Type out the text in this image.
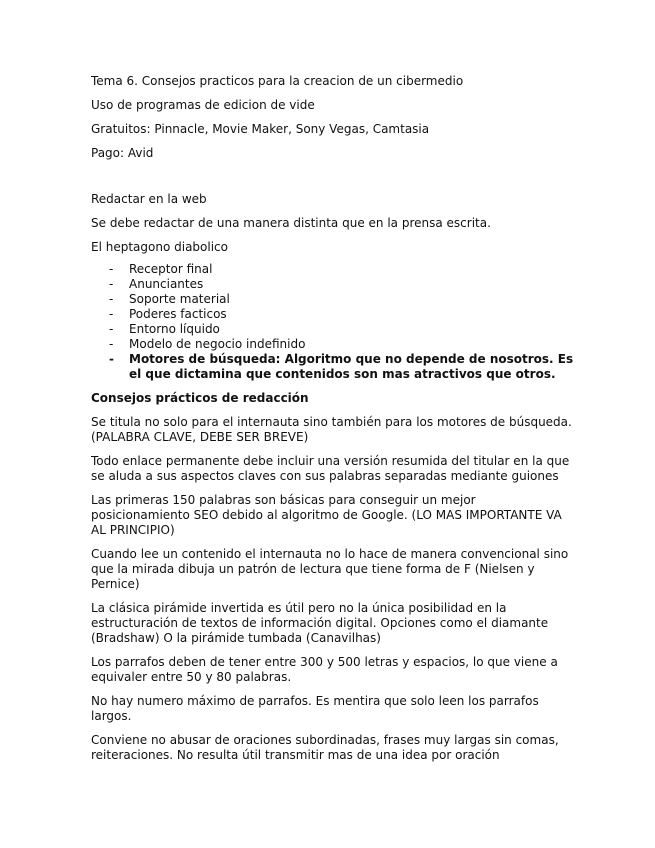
Tema 6. Consejos practicos para la creacion de un cibermedio

Uso de programas de edicion de vide

Gratuitos: Pinnacle, Movie Maker, Sony Vegas, Camtasia

Pago: Avid

Redactar en la web

Se debe redactar de una manera distinta que en la prensa escrita.

El heptagono diabolico

- Receptor final
- Anunciantes
- Soporte material
- Poderes facticos
- Entorno líquido
- Modelo de negocio indefinido
- Motores de búsqueda: Algoritmo que no depende de nosotros. Es el que dictamina que contenidos son mas atractivos que otros.

Consejos prácticos de redacción

Se titula no solo para el internauta sino también para los motores de búsqueda. (PALABRA CLAVE, DEBE SER BREVE)

Todo enlace permanente debe incluir una versión resumida del titular en la que se aluda a sus aspectos claves con sus palabras separadas mediante guiones

Las primeras 150 palabras son básicas para conseguir un mejor posicionamiento SEO debido al algoritmo de Google. (LO MAS IMPORTANTE VA AL PRINCIPIO)

Cuando lee un contenido el internauta no lo hace de manera convencional sino que la mirada dibuja un patrón de lectura que tiene forma de F (Nielsen y Pernice)

La clásica pirámide invertida es útil pero no la única posibilidad en la estructuración de textos de información digital. Opciones como el diamante (Bradshaw) O la pirámide tumbada (Canavilhas)

Los parrafos deben de tener entre 300 y 500 letras y espacios, lo que viene a equivaler entre 50 y 80 palabras.

No hay numero máximo de parrafos. Es mentira que solo leen los parrafos largos.

Conviene no abusar de oraciones subordinadas, frases muy largas sin comas, reiteraciones. No resulta útil transmitir mas de una idea por oración
